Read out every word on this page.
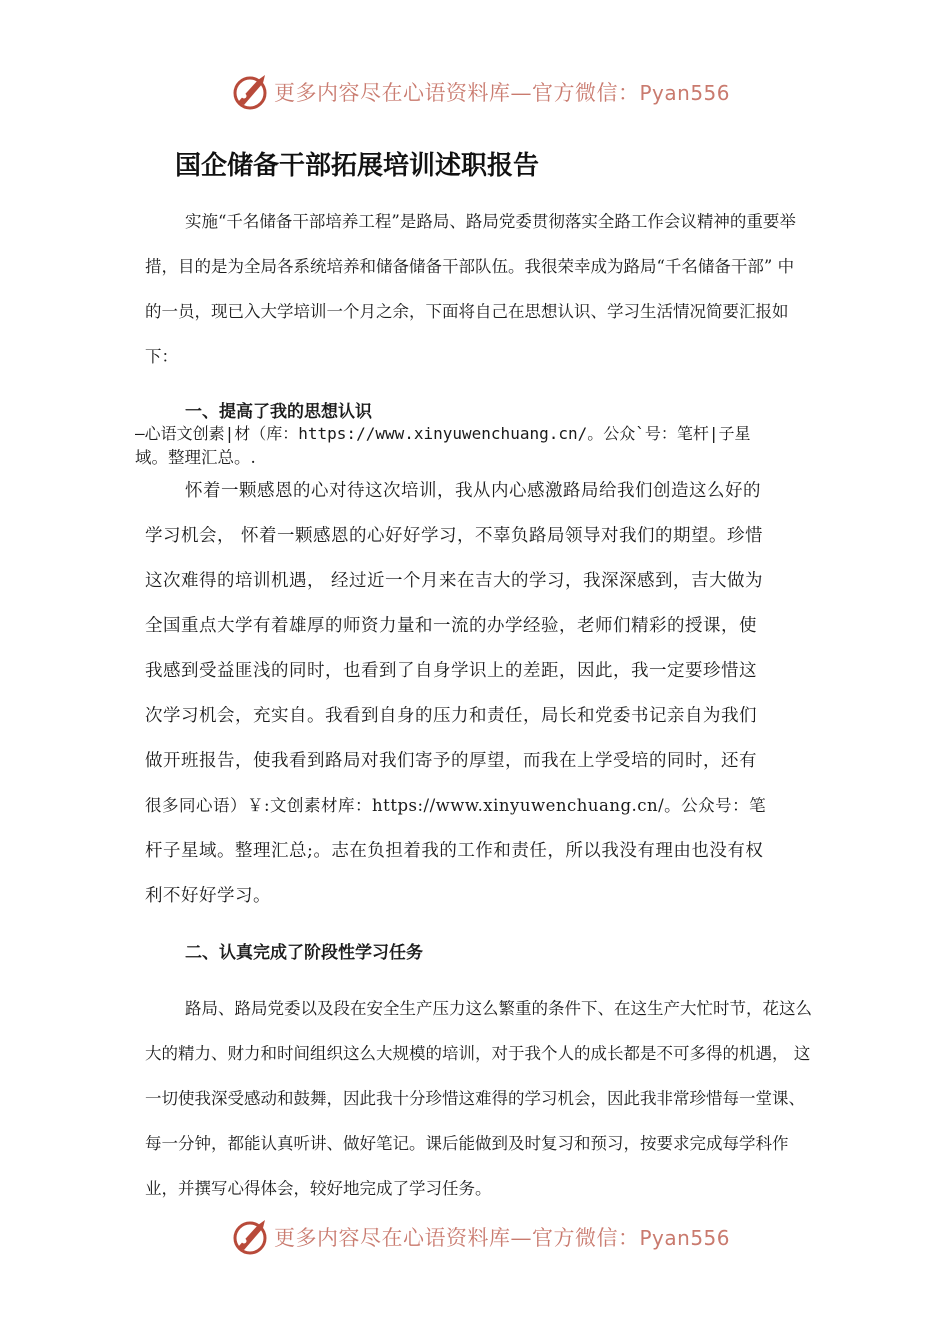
更多内容尽在心语资料库—官方微信：Pyan556
国企储备干部拓展培训述职报告
实施“千名储备干部培养工程”是路局、路局党委贯彻落实全路工作会议精神的重要举
措，目的是为全局各系统培养和储备储备干部队伍。我很荣幸成为路局“千名储备干部” 中
的一员，现已入大学培训一个月之余，下面将自己在思想认识、学习生活情况简要汇报如
下：
一、提高了我的思想认识
—心语文创素|材（库：https://www.xinyuwenchuang.cn/。公众`号：笔杆|子星
域。整理汇总。.
怀着一颗感恩的心对待这次培训，我从内心感激路局给我们创造这么好的
学习机会， 怀着一颗感恩的心好好学习，不辜负路局领导对我们的期望。珍惜
这次难得的培训机遇， 经过近一个月来在吉大的学习，我深深感到，吉大做为
全国重点大学有着雄厚的师资力量和一流的办学经验，老师们精彩的授课，使
我感到受益匪浅的同时，也看到了自身学识上的差距，因此，我一定要珍惜这
次学习机会，充实自。我看到自身的压力和责任，局长和党委书记亲自为我们
做开班报告，使我看到路局对我们寄予的厚望，而我在上学受培的同时，还有
很多同心语）￥:文创素材库：https://www.xinyuwenchuang.cn/。公众号：笔
杆子星域。整理汇总;。志在负担着我的工作和责任，所以我没有理由也没有权
利不好好学习。
二、认真完成了阶段性学习任务
路局、路局党委以及段在安全生产压力这么繁重的条件下、在这生产大忙时节，花这么
大的精力、财力和时间组织这么大规模的培训，对于我个人的成长都是不可多得的机遇， 这
一切使我深受感动和鼓舞，因此我十分珍惜这难得的学习机会，因此我非常珍惜每一堂课、
每一分钟，都能认真听讲、做好笔记。课后能做到及时复习和预习，按要求完成每学科作
业，并撰写心得体会，较好地完成了学习任务。
更多内容尽在心语资料库—官方微信：Pyan556
